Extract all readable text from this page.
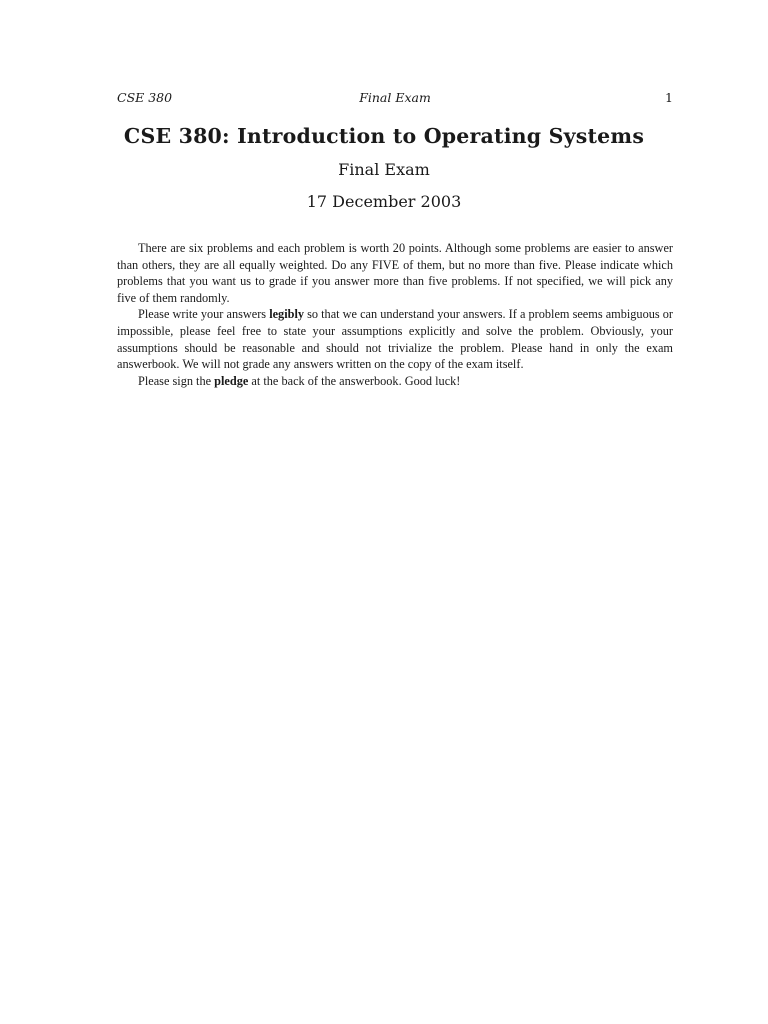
Final Exam
CSE 380	1
CSE 380: Introduction to Operating Systems
Final Exam
17 December 2003

There are six problems and each problem is worth 20 points. Although some problems are easier to answer than others, they are all equally weighted. Do any FIVE of them, but no more than five. Please indicate which problems that you want us to grade if you answer more than five problems. If not specified, we will pick any five of them randomly.

Please write your answers legibly so that we can understand your answers. If a problem seems ambiguous or impossible, please feel free to state your assumptions explicitly and solve the problem. Obviously, your assumptions should be reasonable and should not trivialize the problem. Please hand in only the exam answerbook. We will not grade any answers written on the copy of the exam itself.

Please sign the pledge at the back of the answerbook. Good luck!
